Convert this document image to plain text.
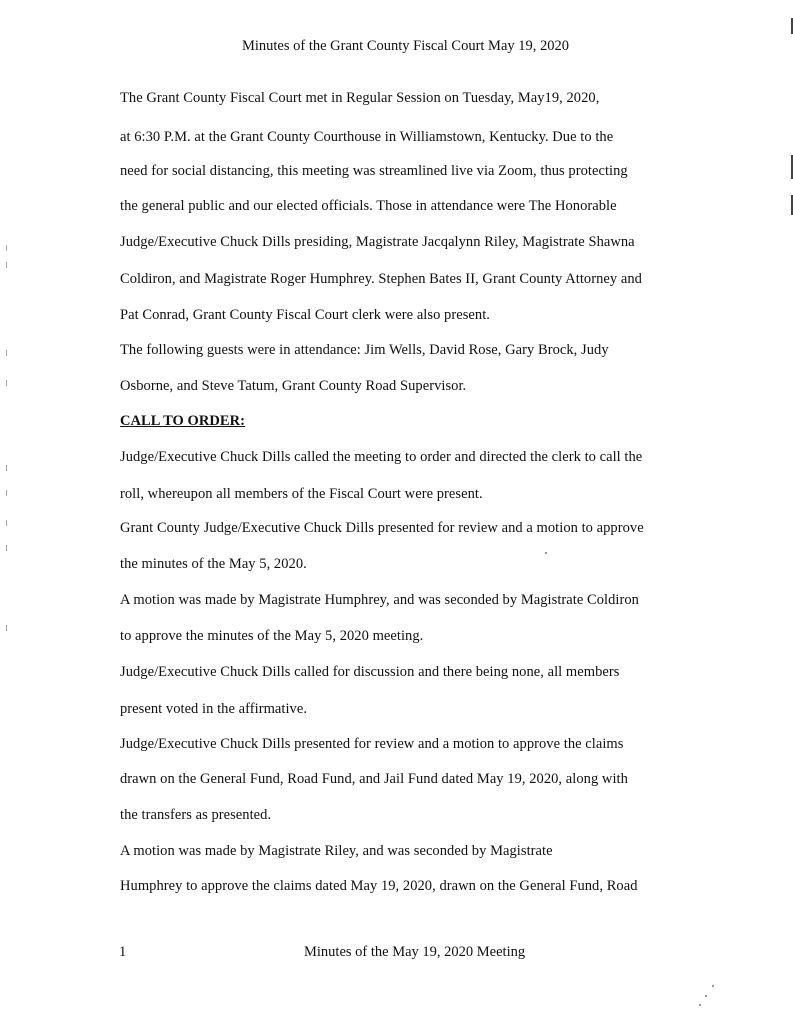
Minutes of the Grant County Fiscal Court May 19, 2020
The Grant County Fiscal Court met in Regular Session on Tuesday, May19, 2020,
at 6:30 P.M. at the Grant County Courthouse in Williamstown, Kentucky. Due to the
need for social distancing, this meeting was streamlined live via Zoom, thus protecting
the general public and our elected officials. Those in attendance were The Honorable
Judge/Executive Chuck Dills presiding, Magistrate Jacqalynn Riley, Magistrate Shawna
Coldiron, and Magistrate Roger Humphrey. Stephen Bates II, Grant County Attorney and
Pat Conrad, Grant County Fiscal Court clerk were also present.
The following guests were in attendance: Jim Wells, David Rose, Gary Brock, Judy
Osborne, and Steve Tatum, Grant County Road Supervisor.
CALL TO ORDER:
Judge/Executive Chuck Dills called the meeting to order and directed the clerk to call the
roll, whereupon all members of the Fiscal Court were present.
Grant County Judge/Executive Chuck Dills presented for review and a motion to approve
the minutes of the May 5, 2020.
A motion was made by Magistrate Humphrey, and was seconded by Magistrate Coldiron
to approve the minutes of the May 5, 2020 meeting.
Judge/Executive Chuck Dills called for discussion and there being none, all members
present voted in the affirmative.
Judge/Executive Chuck Dills presented for review and a motion to approve the claims
drawn on the General Fund, Road Fund, and Jail Fund dated May 19, 2020, along with
the transfers as presented.
A motion was made by Magistrate Riley, and was seconded by Magistrate
Humphrey to approve the claims dated May 19, 2020, drawn on the General Fund, Road
1	Minutes of the May 19, 2020 Meeting
